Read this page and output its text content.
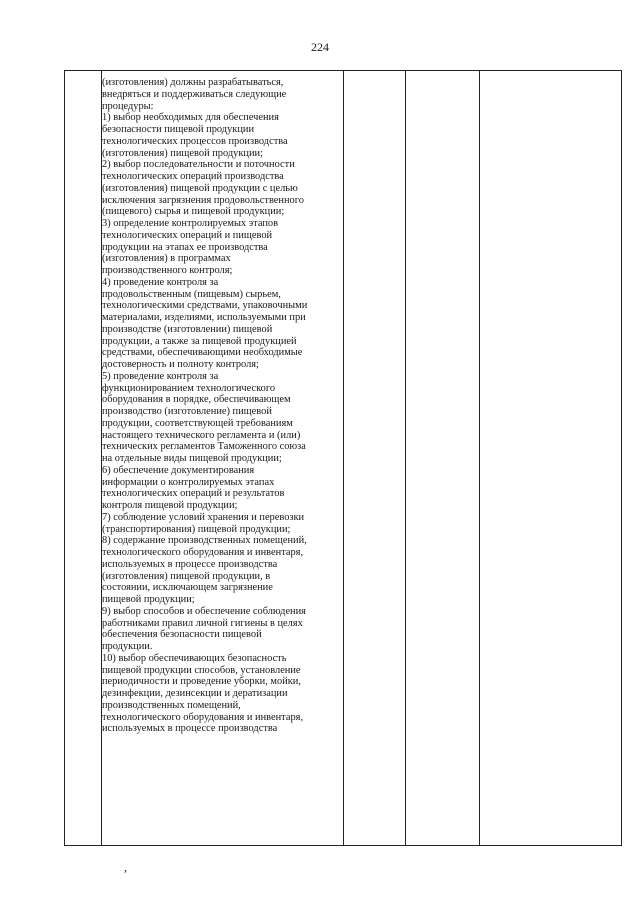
224
(изготовления) должны разрабатываться,
внедряться и поддерживаться следующие
процедуры:
1) выбор необходимых для обеспечения
безопасности пищевой продукции
технологических процессов производства
(изготовления) пищевой продукции;
2) выбор последовательности и поточности
технологических операций производства
(изготовления) пищевой продукции с целью
исключения загрязнения продовольственного
(пищевого) сырья и пищевой продукции;
3) определение контролируемых этапов
технологических операций и пищевой
продукции на этапах ее производства
(изготовления) в программах
производственного контроля;
4) проведение контроля за
продовольственным (пищевым) сырьем,
технологическими средствами, упаковочными
материалами, изделиями, используемыми при
производстве (изготовлении) пищевой
продукции, а также за пищевой продукцией
средствами, обеспечивающими необходимые
достоверность и полноту контроля;
5) проведение контроля за
функционированием технологического
оборудования в порядке, обеспечивающем
производство (изготовление) пищевой
продукции, соответствующей требованиям
настоящего технического регламента и (или)
технических регламентов Таможенного союза
на отдельные виды пищевой продукции;
6) обеспечение документирования
информации о контролируемых этапах
технологических операций и результатов
контроля пищевой продукции;
7) соблюдение условий хранения и перевозки
(транспортирования) пищевой продукции;
8) содержание производственных помещений,
технологического оборудования и инвентаря,
используемых в процессе производства
(изготовления) пищевой продукции, в
состоянии, исключающем загрязнение
пищевой продукции;
9) выбор способов и обеспечение соблюдения
работниками правил личной гигиены в целях
обеспечения безопасности пищевой
продукции.
10) выбор обеспечивающих безопасность
пищевой продукции способов, установление
периодичности и проведение уборки, мойки,
дезинфекции, дезинсекции и дератизации
производственных помещений,
технологического оборудования и инвентаря,
используемых в процессе производства
,
